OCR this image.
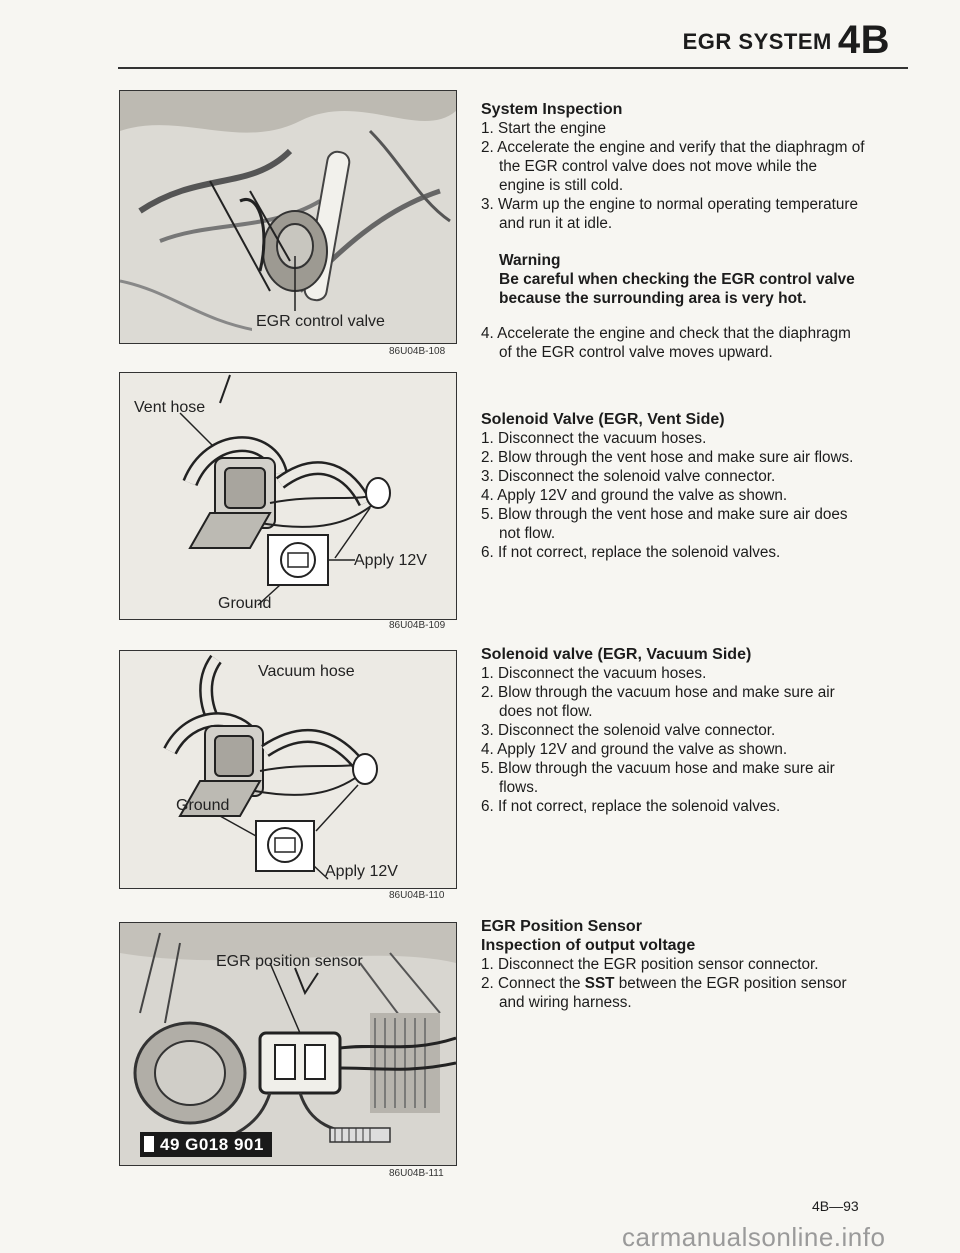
EGR SYSTEM 4B
EGR control valve
86U04B-108
Vent hose
Apply 12V
Ground
86U04B-109
Vacuum hose
Ground
Apply 12V
86U04B-110
EGR position sensor
49 G018 901
86U04B-111
System Inspection
1. Start the engine
2. Accelerate the engine and verify that the diaphragm of the EGR control valve does not move while the engine is still cold.
3. Warm up the engine to normal operating temperature and run it at idle.
Warning
Be careful when checking the EGR control valve because the surrounding area is very hot.
4. Accelerate the engine and check that the diaphragm of the EGR control valve moves upward.
Solenoid Valve (EGR, Vent Side)
1. Disconnect the vacuum hoses.
2. Blow through the vent hose and make sure air flows.
3. Disconnect the solenoid valve connector.
4. Apply 12V and ground the valve as shown.
5. Blow through the vent hose and make sure air does not flow.
6. If not correct, replace the solenoid valves.
Solenoid valve (EGR, Vacuum Side)
1. Disconnect the vacuum hoses.
2. Blow through the vacuum hose and make sure air does not flow.
3. Disconnect the solenoid valve connector.
4. Apply 12V and ground the valve as shown.
5. Blow through the vacuum hose and make sure air flows.
6. If not correct, replace the solenoid valves.
EGR Position Sensor
Inspection of output voltage
1. Disconnect the EGR position sensor connector.
2. Connect the SST between the EGR position sensor and wiring harness.
4B—93
carmanualsonline.info
